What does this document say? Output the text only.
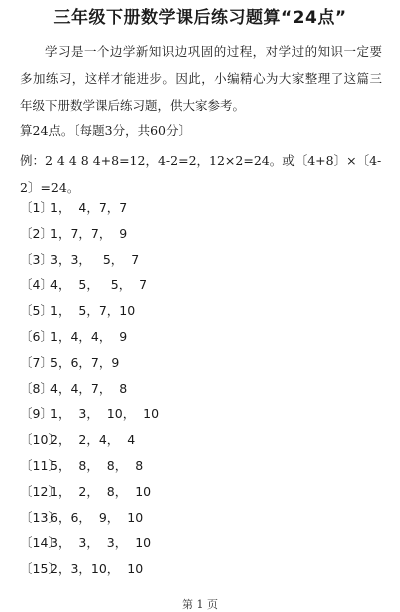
三年级下册数学课后练习题算“24点”
学习是一个边学新知识边巩固的过程，对学过的知识一定要多加练习，这样才能进步。因此，小编精心为大家整理了这篇三年级下册数学课后练习题，供大家参考。
算24点。〔每题3分，共60分〕
例：2 4 4 8 4+8=12，4-2=2，12×2=24。或〔4+8〕×〔4-2〕=24。
〔1〕1，  4，7，7
〔2〕1，7，7，  9
〔3〕3，3，   5，  7
〔4〕4，  5，   5，  7
〔5〕1，  5，7，10
〔6〕1，4，4，  9
〔7〕5，6，7，9
〔8〕4，4，7，  8
〔9〕1，  3，  10，  10
〔10〕2，  2，4，  4
〔11〕5，  8，  8，  8
〔12〕1，  2，  8，  10
〔13〕6，6，  9，  10
〔14〕3，  3，  3，  10
〔15〕2，3，10，  10
第 1 页
